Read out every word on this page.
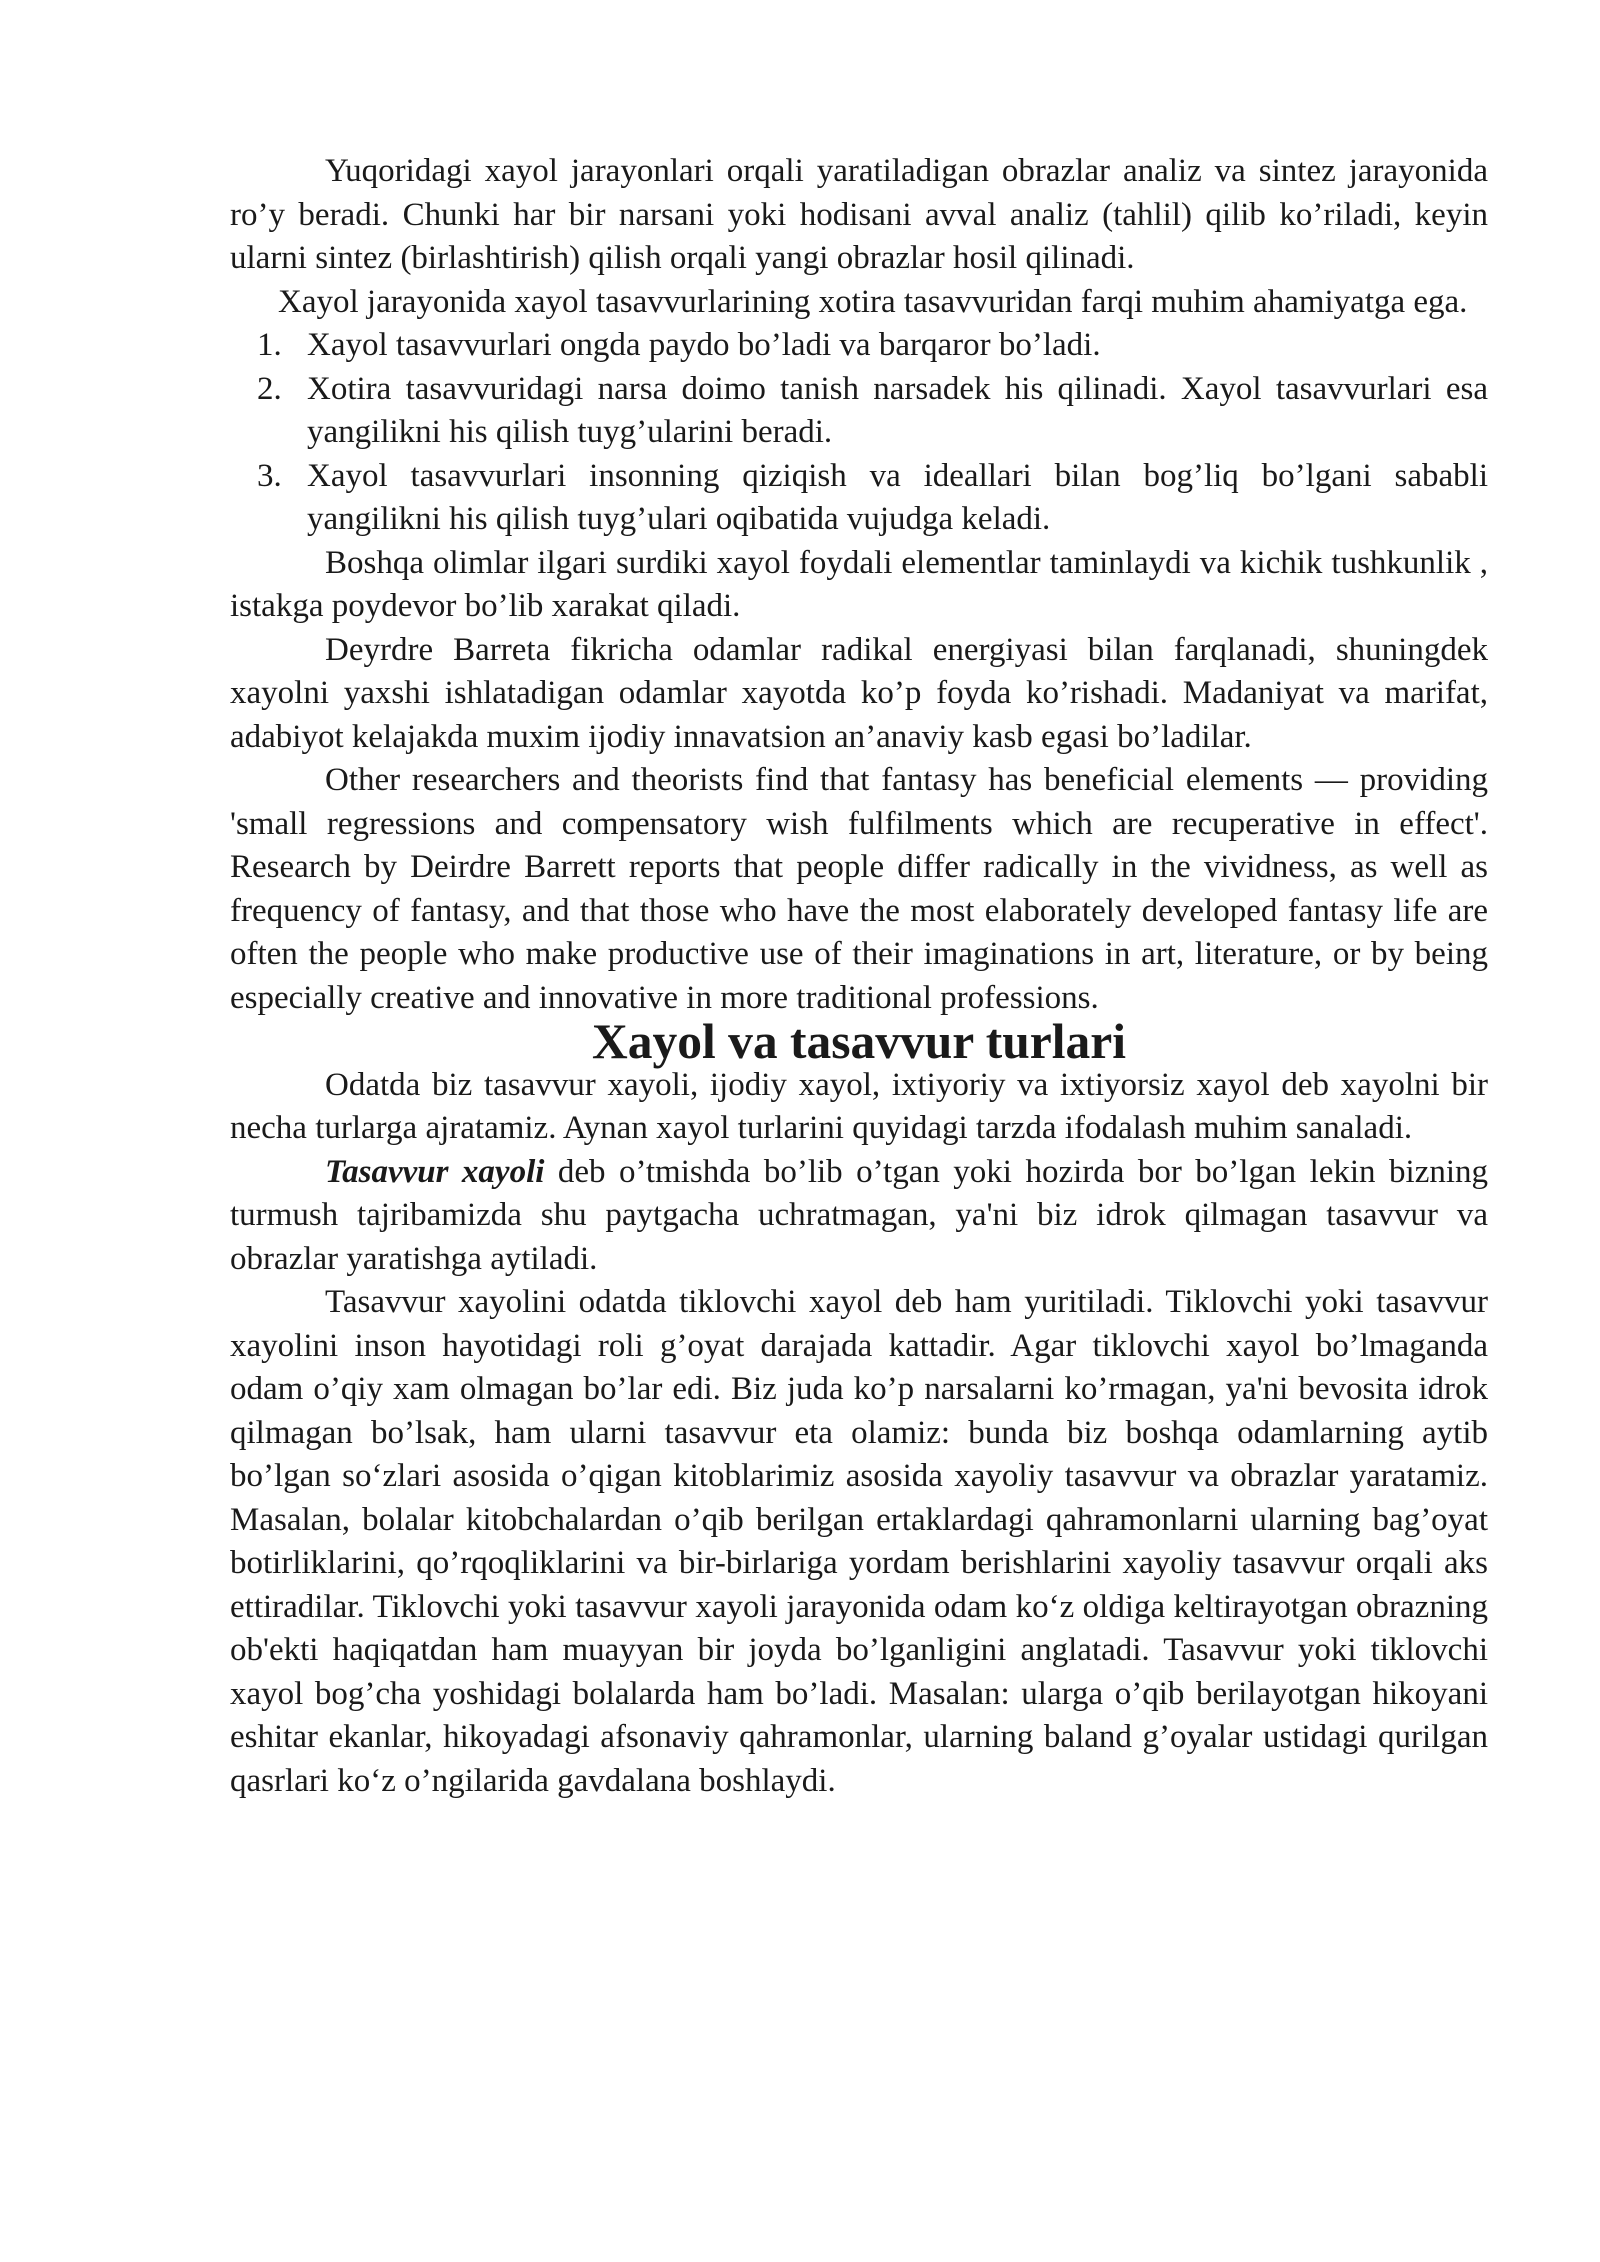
Yuqoridagi xayol jarayonlari orqali yaratiladigan obrazlar analiz va sintez jarayonida ro’y beradi. Chunki har bir narsani yoki hodisani avval analiz (tahlil) qilib ko’riladi, keyin ularni sintez (birlashtirish) qilish orqali yangi obrazlar hosil qilinadi.

Xayol jarayonida xayol tasavvurlarining xotira tasavvuridan farqi muhim ahamiyatga ega.

1. Xayol tasavvurlari ongda paydo bo’ladi va barqaror bo’ladi.
2. Xotira tasavvuridagi narsa doimo tanish narsadek his qilinadi. Xayol tasavvurlari esa yangilikni his qilish tuyg’ularini beradi.
3. Xayol tasavvurlari insonning qiziqish va ideallari bilan bog’liq bo’lgani sababli yangilikni his qilish tuyg’ulari oqibatida vujudga keladi.

Boshqa olimlar ilgari surdiki xayol foydali elementlar taminlaydi va kichik tushkunlik , istakga poydevor bo’lib xarakat qiladi.

Deyrdre Barreta fikricha odamlar radikal energiyasi bilan farqlanadi, shuningdek xayolni yaxshi ishlatadigan odamlar xayotda ko’p foyda ko’rishadi. Madaniyat va marifat, adabiyot kelajakda muxim ijodiy innavatsion an’anaviy kasb egasi bo’ladilar.

Other researchers and theorists find that fantasy has beneficial elements — providing 'small regressions and compensatory wish fulfilments which are recuperative in effect'. Research by Deirdre Barrett reports that people differ radically in the vividness, as well as frequency of fantasy, and that those who have the most elaborately developed fantasy life are often the people who make productive use of their imaginations in art, literature, or by being especially creative and innovative in more traditional professions.

Xayol va tasavvur turlari

Odatda biz tasavvur xayoli, ijodiy xayol, ixtiyoriy va ixtiyorsiz xayol deb xayolni bir necha turlarga ajratamiz. Aynan xayol turlarini quyidagi tarzda ifodalash muhim sanaladi.

Tasavvur xayoli deb o’tmishda bo’lib o’tgan yoki hozirda bor bo’lgan lekin bizning turmush tajribamizda shu paytgacha uchratmagan, ya'ni biz idrok qilmagan tasavvur va obrazlar yaratishga aytiladi.

Tasavvur xayolini odatda tiklovchi xayol deb ham yuritiladi. Tiklovchi yoki tasavvur xayolini inson hayotidagi roli g’oyat darajada kattadir. Agar tiklovchi xayol bo’lmaganda odam o’qiy xam olmagan bo’lar edi. Biz juda ko’p narsalarni ko’rmagan, ya'ni bevosita idrok qilmagan bo’lsak, ham ularni tasavvur eta olamiz: bunda biz boshqa odamlarning aytib bo’lgan so‘zlari asosida o’qigan kitoblarimiz asosida xayoliy tasavvur va obrazlar yaratamiz. Masalan, bolalar kitobchalardan o’qib berilgan ertaklardagi qahramonlarni ularning bag’oyat botirliklarini, qo’rqoqliklarini va bir-birlariga yordam berishlarini xayoliy tasavvur orqali aks ettiradilar. Tiklovchi yoki tasavvur xayoli jarayonida odam ko‘z oldiga keltirayotgan obrazning ob'ekti haqiqatdan ham muayyan bir joyda bo’lganligini anglatadi. Tasavvur yoki tiklovchi xayol bog’cha yoshidagi bolalarda ham bo’ladi. Masalan: ularga o’qib berilayotgan hikoyani eshitar ekanlar, hikoyadagi afsonaviy qahramonlar, ularning baland g’oyalar ustidagi qurilgan qasrlari ko‘z o’ngilarida gavdalana boshlaydi.
